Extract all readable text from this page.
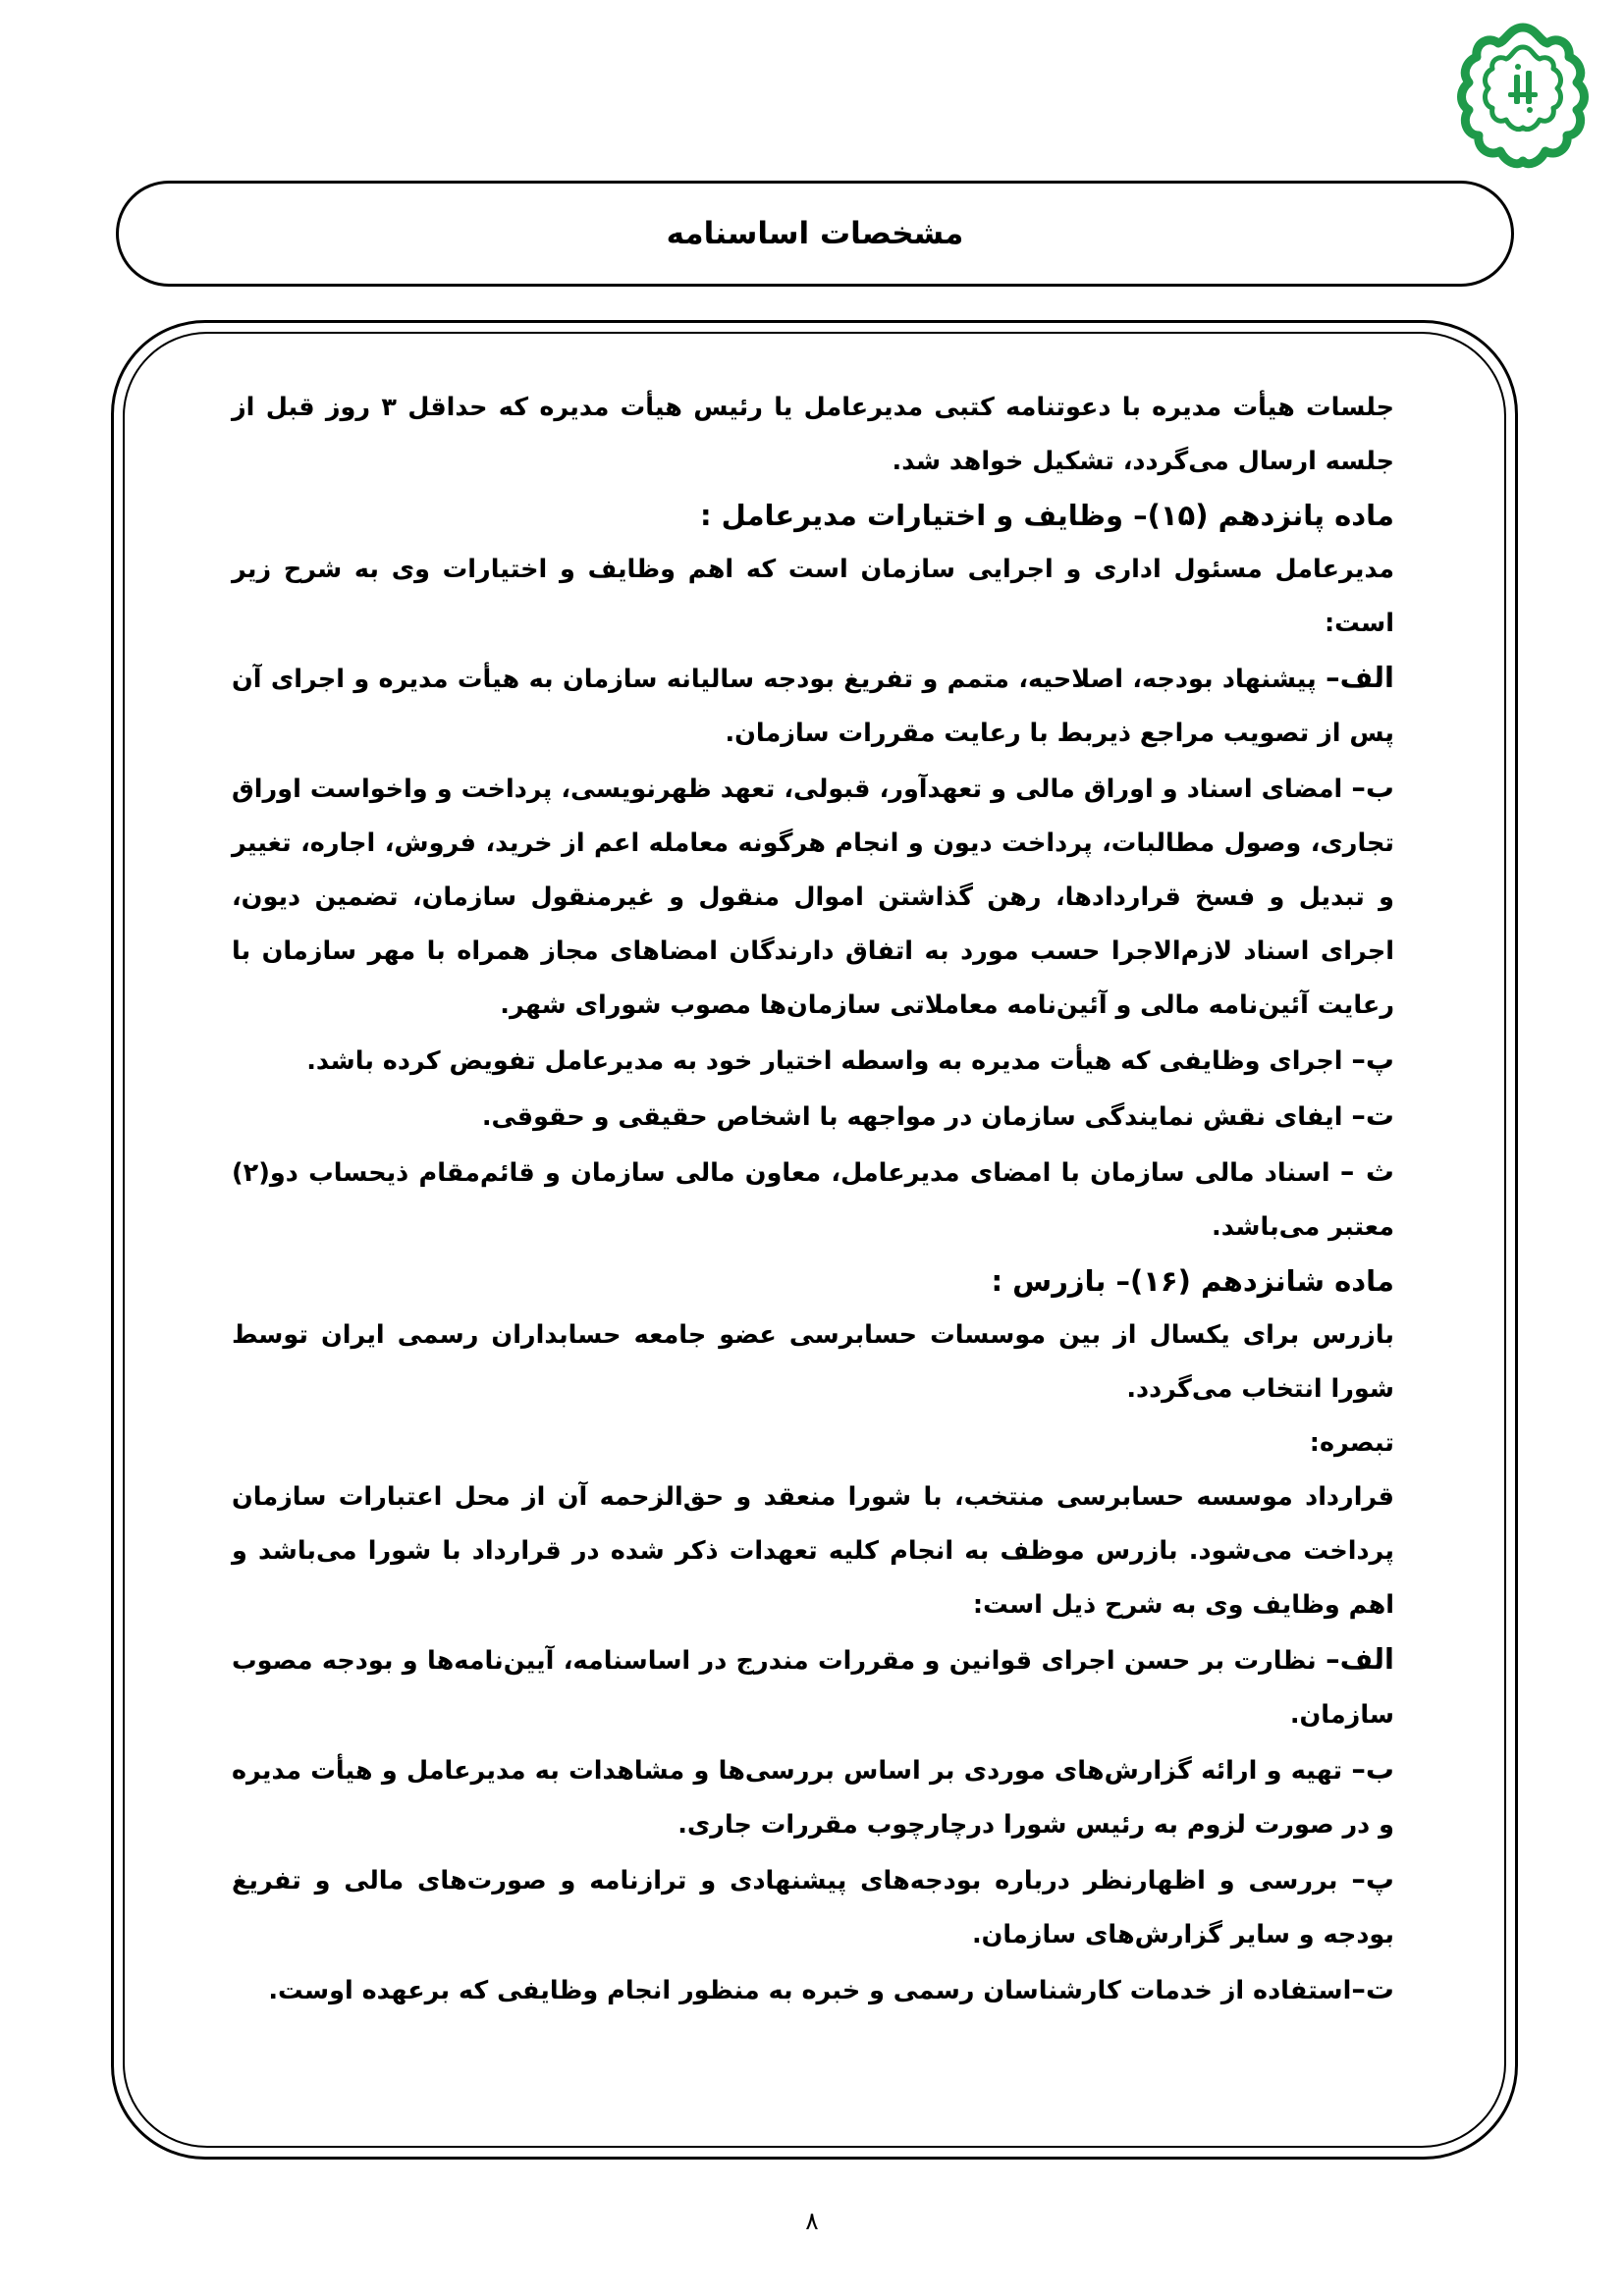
مشخصات اساسنامه

جلسات هیأت مدیره با دعوتنامه کتبی مدیرعامل یا رئیس هیأت مدیره که حداقل ۳ روز قبل از جلسه ارسال می‌گردد، تشکیل خواهد شد.

ماده پانزدهم (۱۵)– وظایف و اختیارات مدیرعامل :

مدیرعامل مسئول اداری و اجرایی سازمان است که اهم وظایف و اختیارات وی به شرح زیر است:

الف– پیشنهاد بودجه، اصلاحیه، متمم و تفریغ بودجه سالیانه سازمان به هیأت مدیره و اجرای آن پس از تصویب مراجع ذیربط با رعایت مقررات سازمان.

ب– امضای اسناد و اوراق مالی و تعهدآور، قبولی، تعهد ظهرنویسی، پرداخت و واخواست اوراق تجاری، وصول مطالبات، پرداخت دیون و انجام هرگونه معامله اعم از خرید، فروش، اجاره، تغییر و تبدیل و فسخ قراردادها، رهن گذاشتن اموال منقول و غیرمنقول سازمان، تضمین دیون، اجرای اسناد لازم‌الاجرا حسب مورد به اتفاق دارندگان امضاهای مجاز همراه با مهر سازمان با رعایت آئین‌نامه مالی و آئین‌نامه معاملاتی سازمان‌ها مصوب شورای شهر.

پ– اجرای وظایفی که هیأت مدیره به واسطه اختیار خود به مدیرعامل تفویض کرده باشد.

ت– ایفای نقش نمایندگی سازمان در مواجهه با اشخاص حقیقی و حقوقی.

ث – اسناد مالی سازمان با امضای مدیرعامل، معاون مالی سازمان و قائم‌مقام ذیحساب دو(۲) معتبر می‌باشد.

ماده شانزدهم (۱۶)– بازرس :

بازرس برای یکسال از بین موسسات حسابرسی عضو جامعه حسابداران رسمی ایران توسط شورا انتخاب می‌گردد.

تبصره:

قرارداد موسسه حسابرسی منتخب، با شورا منعقد و حق‌الزحمه آن از محل اعتبارات سازمان پرداخت می‌شود. بازرس موظف به انجام کلیه تعهدات ذکر شده در قرارداد با شورا می‌باشد و اهم وظایف وی به شرح ذیل است:

الف– نظارت بر حسن اجرای قوانین و مقررات مندرج در اساسنامه، آیین‌نامه‌ها و بودجه مصوب سازمان.

ب– تهیه و ارائه گزارش‌های موردی بر اساس بررسی‌ها و مشاهدات به مدیرعامل و هیأت مدیره و در صورت لزوم به رئیس شورا درچارچوب مقررات جاری.

پ– بررسی و اظهارنظر درباره بودجه‌های پیشنهادی و ترازنامه و صورت‌های مالی و تفریغ بودجه و سایر گزارش‌های سازمان.

ت–استفاده از خدمات کارشناسان رسمی و خبره به منظور انجام وظایفی که برعهده اوست.

۸
